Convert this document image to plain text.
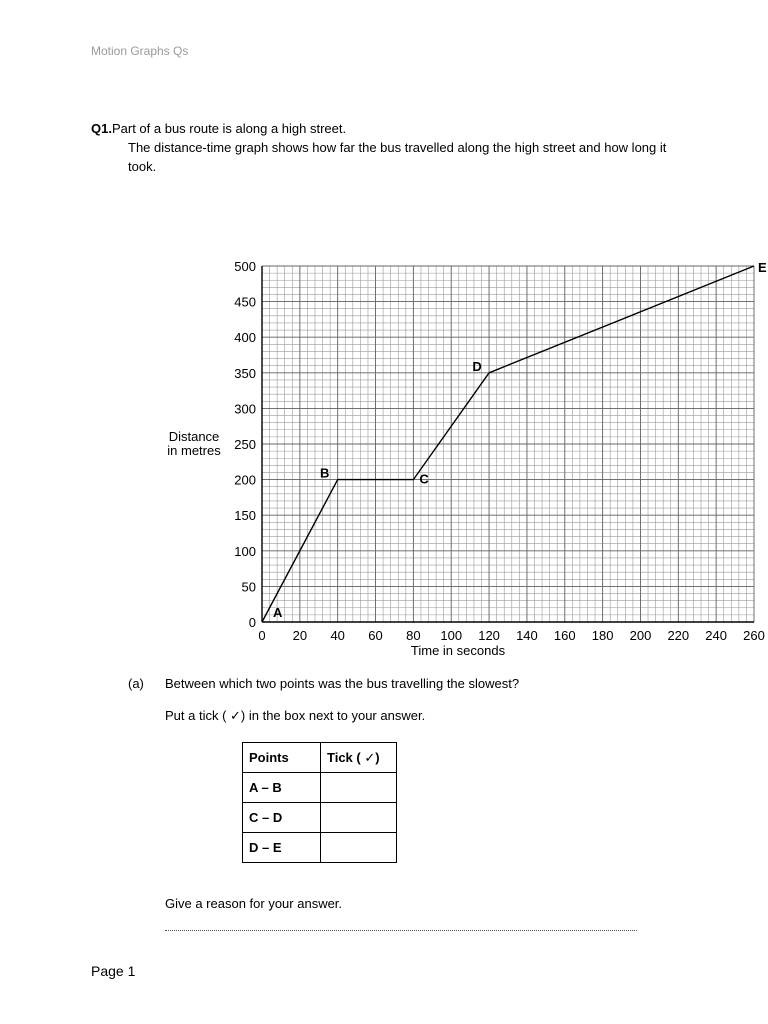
Motion Graphs Qs
Q1.Part of a bus route is along a high street.
The distance-time graph shows how far the bus travelled along the high street and how long it took.
0
50
100
150
200
250
300
350
400
450
500
0 20 40 60 80 100 120 140 160 180 200 220 240 260
Time in seconds
Distance
in metres
A
B	C
D
E
(a) Between which two points was the bus travelling the slowest?
Put a tick ( ✓) in the box next to your answer.
Points	Tick ( ✓)
A – B	
C – D	
D – E	
Give a reason for your answer.
Page 1
